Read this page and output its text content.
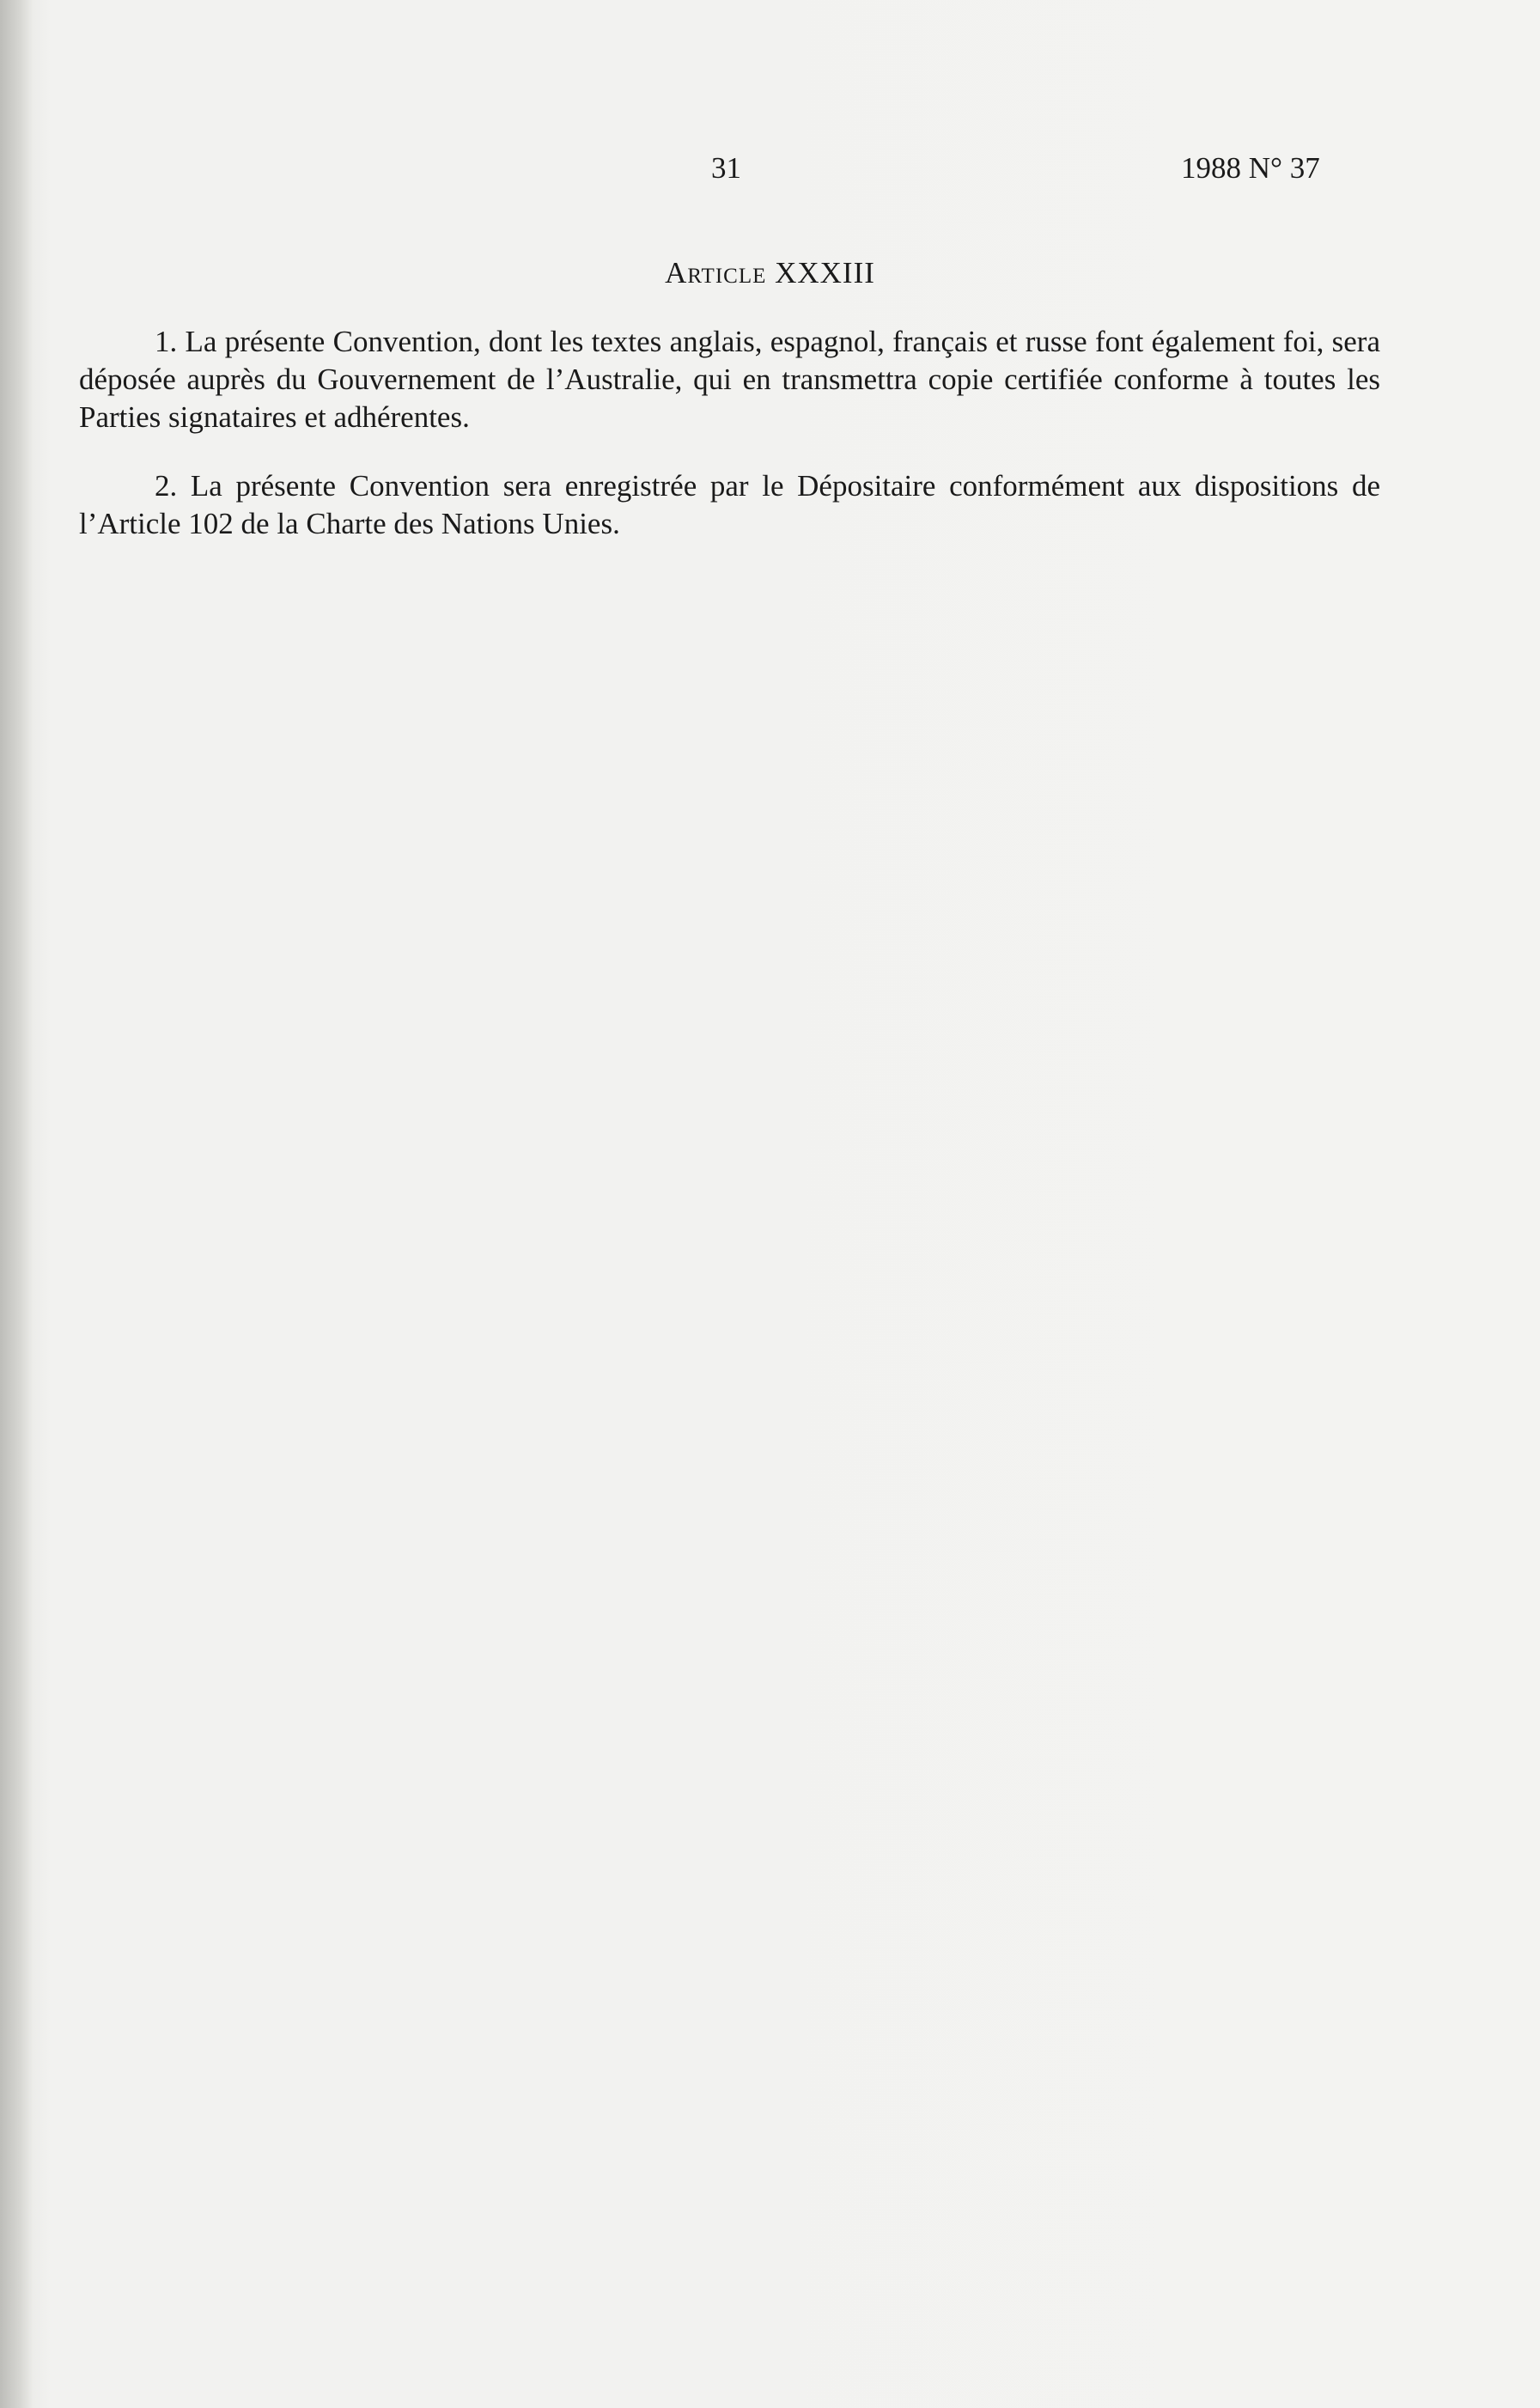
31	1988 N° 37
Article XXXIII

1. La présente Convention, dont les textes anglais, espagnol, français et russe font également foi, sera déposée auprès du Gouvernement de l’Australie, qui en transmettra copie certifiée conforme à toutes les Parties signataires et adhérentes.

2. La présente Convention sera enregistrée par le Dépositaire conformément aux dispositions de l’Article 102 de la Charte des Nations Unies.
